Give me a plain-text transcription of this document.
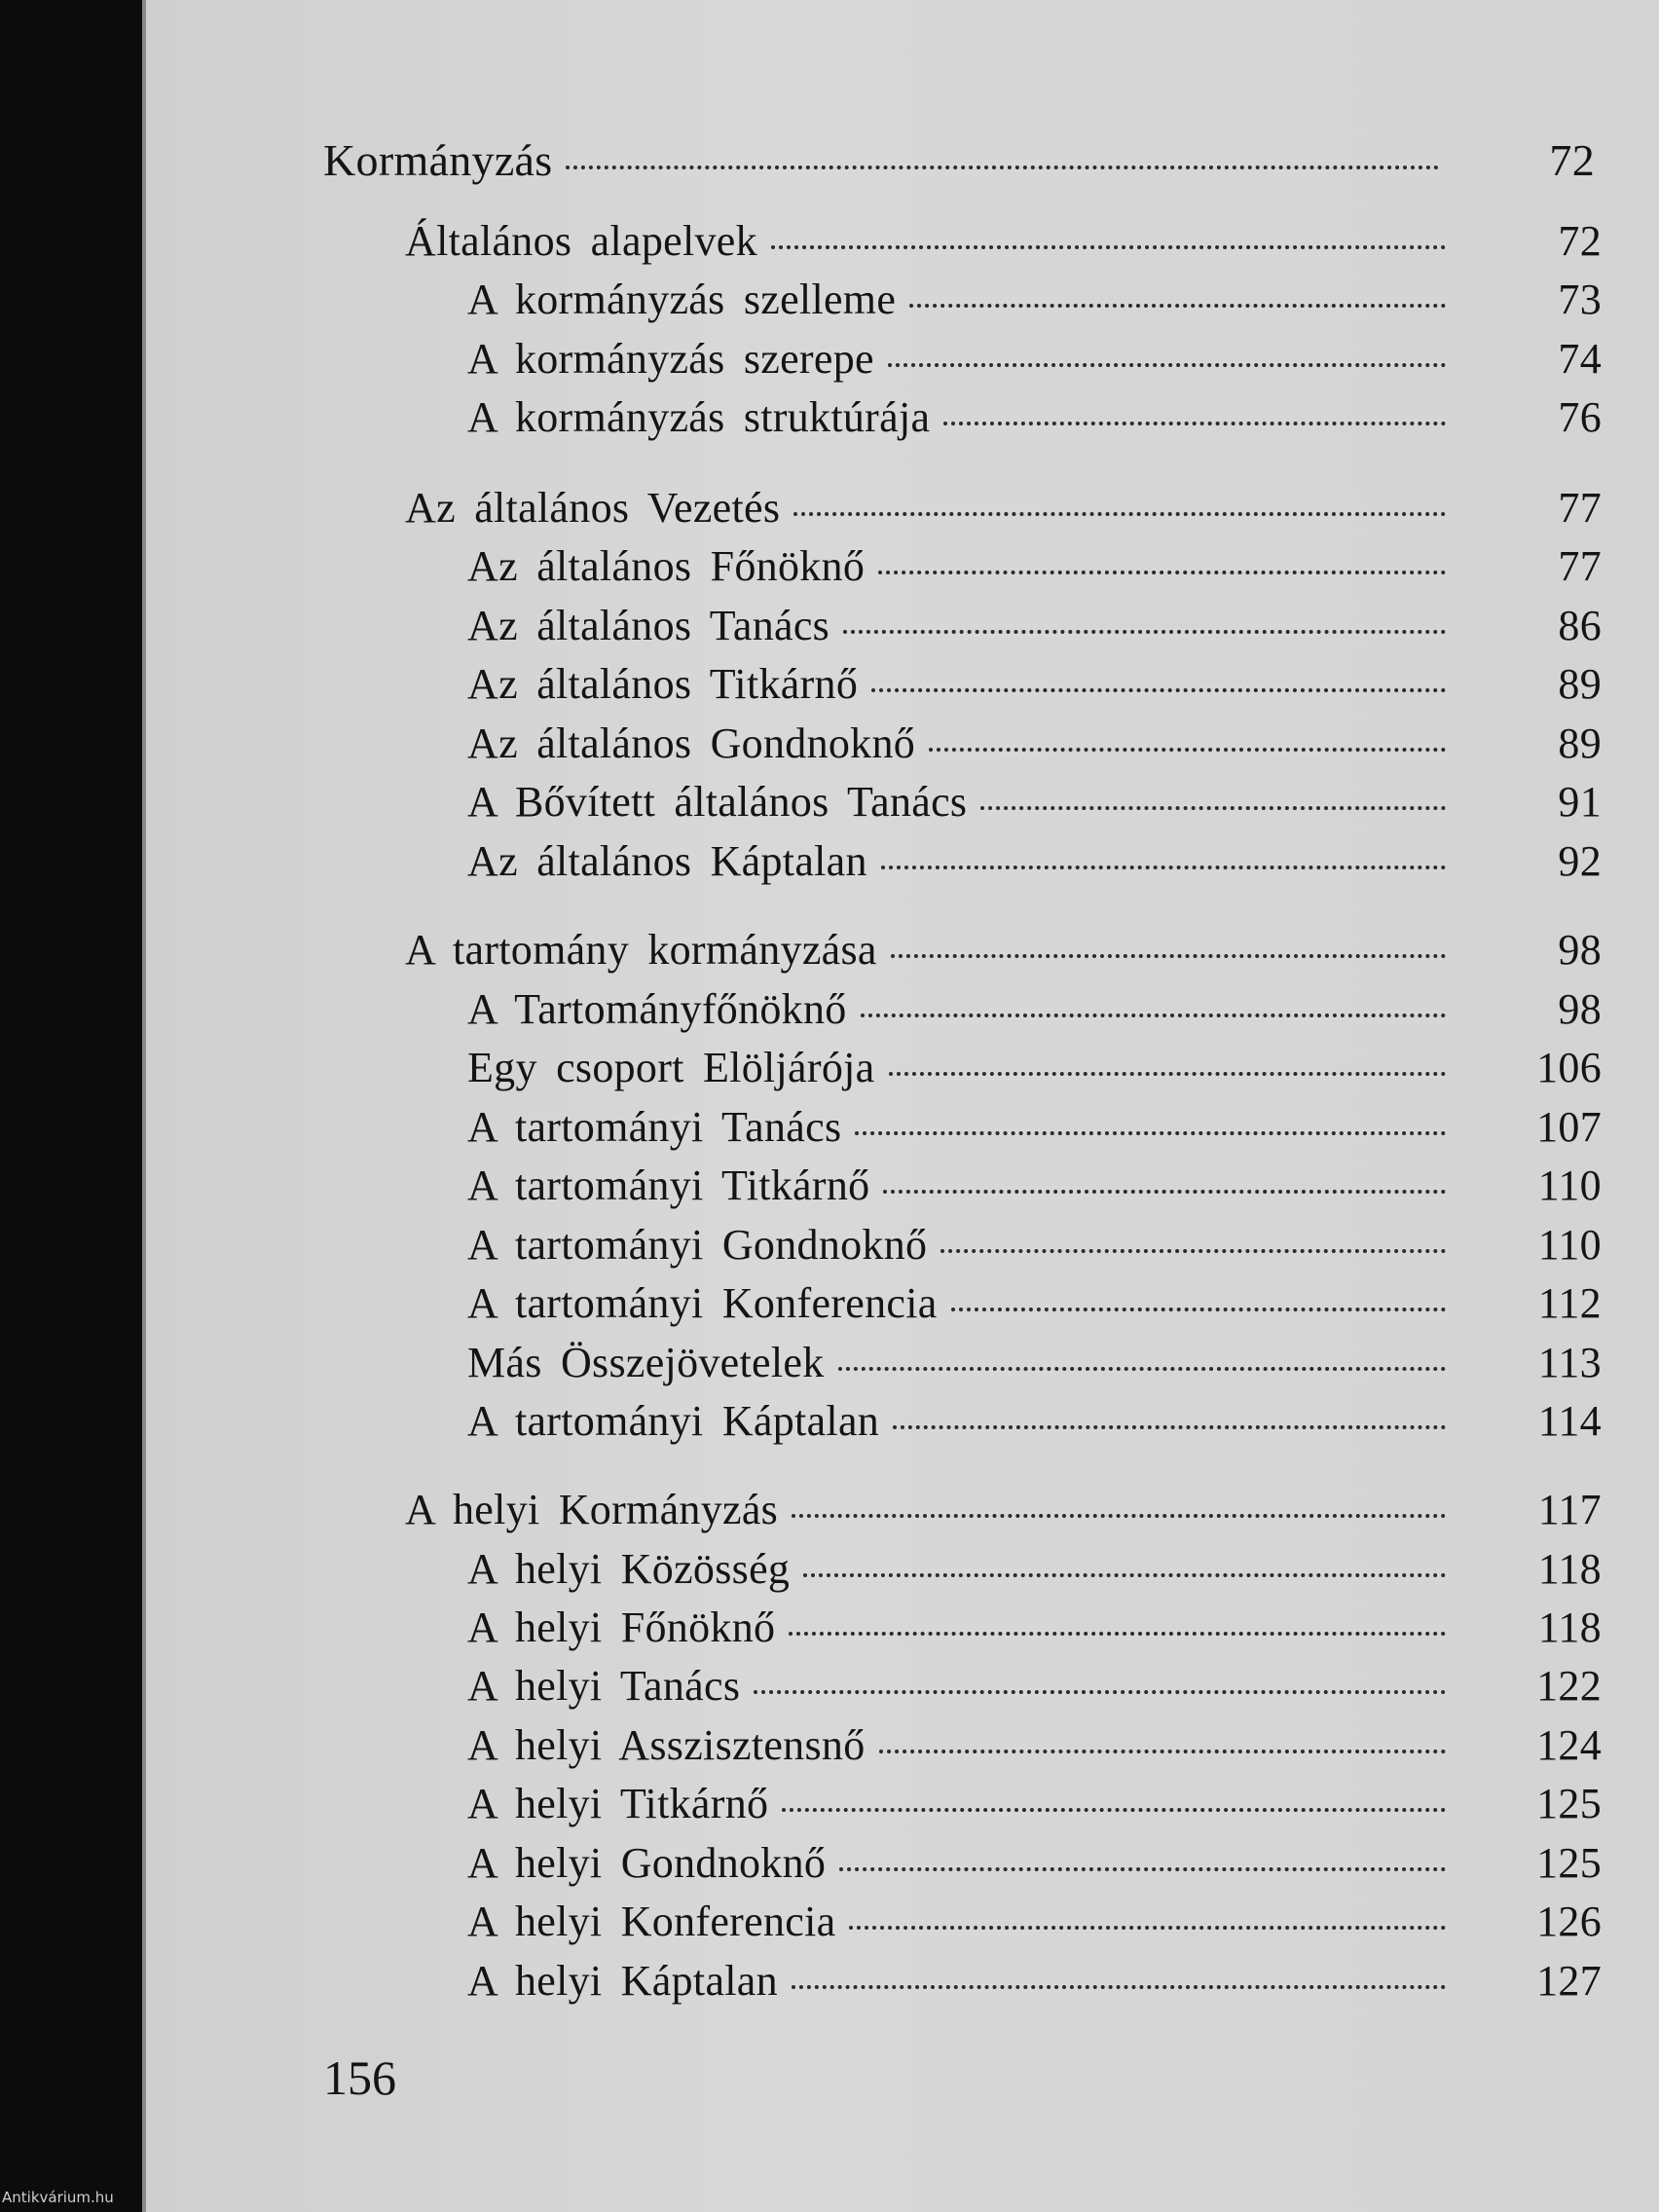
Kormányzás	72
Általános alapelvek	72
A kormányzás szelleme	73
A kormányzás szerepe	74
A kormányzás struktúrája	76
Az általános Vezetés	77
Az általános Főnöknő	77
Az általános Tanács	86
Az általános Titkárnő	89
Az általános Gondnoknő	89
A Bővített általános Tanács	91
Az általános Káptalan	92
A tartomány kormányzása	98
A Tartományfőnöknő	98
Egy csoport Elöljárója	106
A tartományi Tanács	107
A tartományi Titkárnő	110
A tartományi Gondnoknő	110
A tartományi Konferencia	112
Más Összejövetelek	113
A tartományi Káptalan	114
A helyi Kormányzás	117
A helyi Közösség	118
A helyi Főnöknő	118
A helyi Tanács	122
A helyi Asszisztensnő	124
A helyi Titkárnő	125
A helyi Gondnoknő	125
A helyi Konferencia	126
A helyi Káptalan	127
156
Antikvárium.hu
